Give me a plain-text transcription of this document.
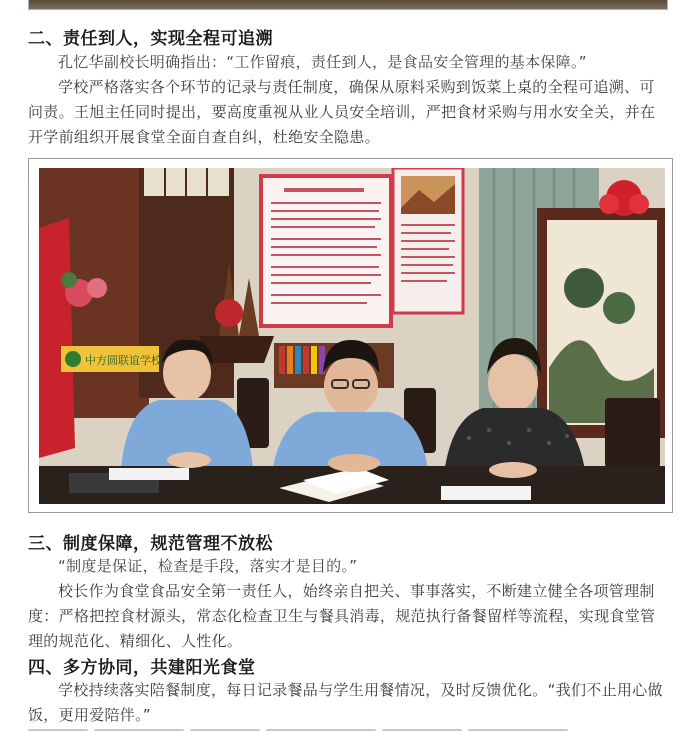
二、责任到人，实现全程可追溯
孔忆华副校长明确指出：“工作留痕，责任到人，是食品安全管理的基本保障。”
学校严格落实各个环节的记录与责任制度，确保从原料采购到饭菜上桌的全程可追溯、可问责。王旭主任同时提出，要高度重视从业人员安全培训，严把食材采购与用水安全关，并在开学前组织开展食堂全面自查自纠，杜绝安全隐患。
中方圆联谊学校
三、制度保障，规范管理不放松
“制度是保证，检查是手段，落实才是目的。”
校长作为食堂食品安全第一责任人，始终亲自把关、事事落实，不断建立健全各项管理制度：严格把控食材源头，常态化检查卫生与餐具消毒，规范执行备餐留样等流程，实现食堂管理的规范化、精细化、人性化。
四、多方协同，共建阳光食堂
学校持续落实陪餐制度，每日记录餐品与学生用餐情况，及时反馈优化。“我们不止用心做饭，更用爱陪伴。”
